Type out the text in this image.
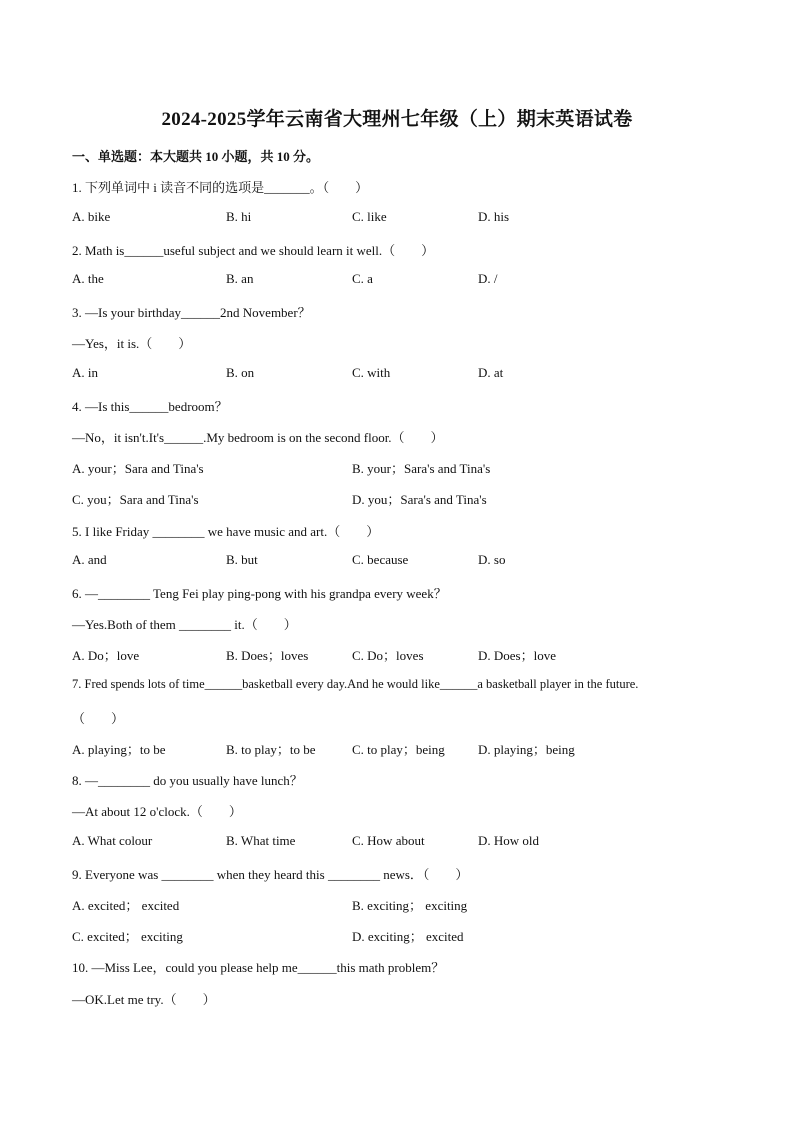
2024-2025学年云南省大理州七年级（上）期末英语试卷
一、单选题：本大题共 10 小题，共 10 分。
1. 下列单词中 i 读音不同的选项是_______。（　　）
A. bike	B. hi	C. like	D. his
2. Math is______useful subject and we should learn it well.（　　）
A. the	B. an	C. a	D. /
3. —Is your birthday______2nd November？
—Yes，it is.（　　）
A. in	B. on	C. with	D. at
4. —Is this______bedroom？
—No，it isn't.It's______.My bedroom is on the second floor.（　　）
A. your；Sara and Tina's	B. your；Sara's and Tina's
C. you；Sara and Tina's	D. you；Sara's and Tina's
5. I like Friday ________ we have music and art.（　　）
A. and	B. but	C. because	D. so
6. —________ Teng Fei play ping-pong with his grandpa every week？
—Yes.Both of them ________ it.（　　）
A. Do；love	B. Does；loves	C. Do；loves	D. Does；love
7. Fred spends lots of time______basketball every day.And he would like______a basketball player in the future.
（　　）
A. playing；to be	B. to play；to be	C. to play；being	D. playing；being
8. —________ do you usually have lunch？
—At about 12 o'clock.（　　）
A. What colour	B. What time	C. How about	D. How old
9. Everyone was ________ when they heard this ________ news．（　　）
A. excited； excited	B. exciting； exciting
C. excited； exciting	D. exciting； excited
10. —Miss Lee，could you please help me______this math problem？
—OK.Let me try.（　　）
